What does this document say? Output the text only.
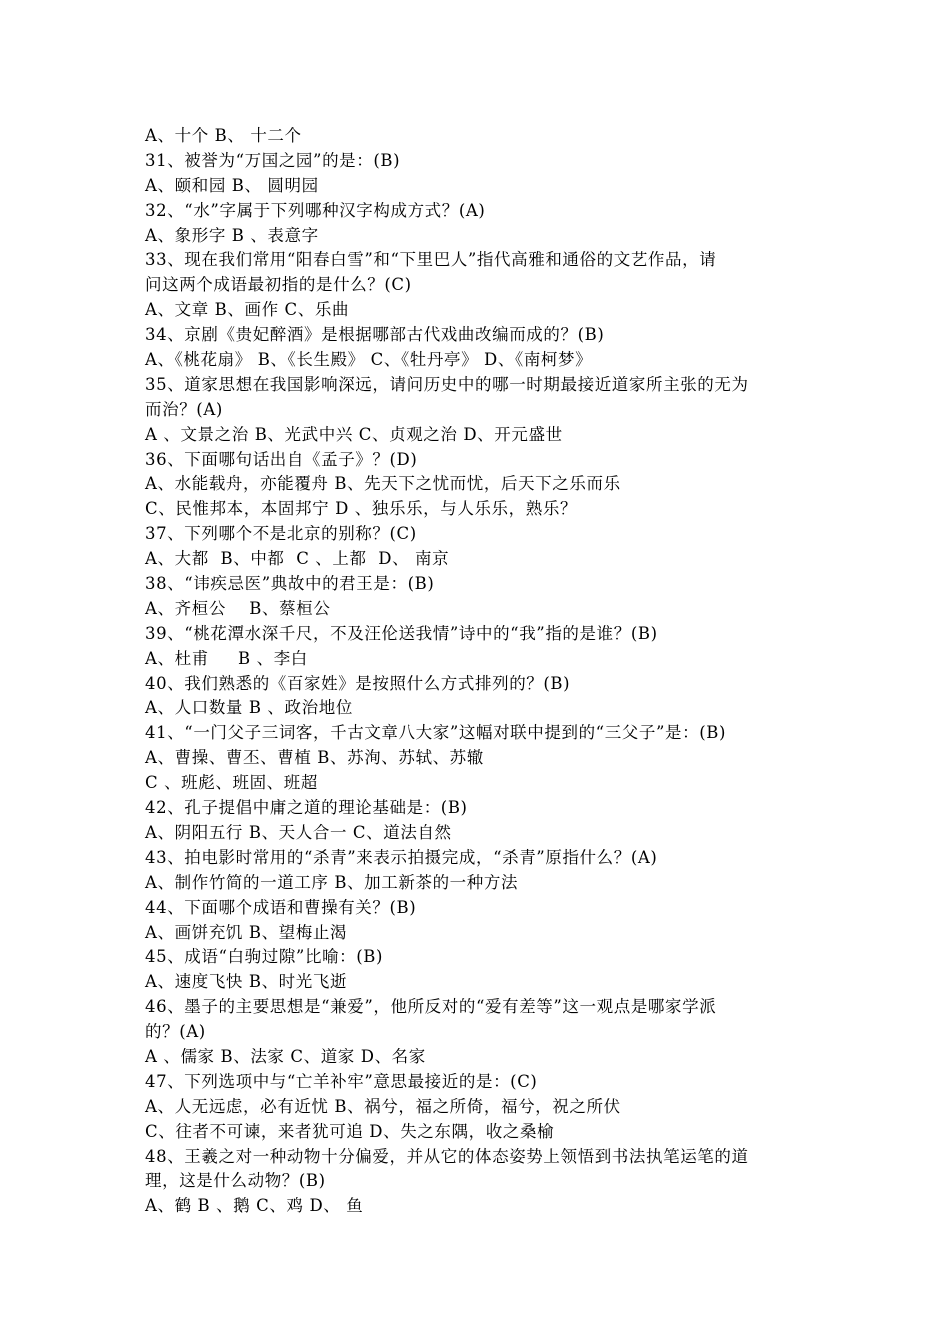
A、十个 B、 十二个
31、被誉为“万国之园”的是：(B)
A、颐和园 B、 圆明园
32、“水”字属于下列哪种汉字构成方式？(A)
A、象形字 B 、表意字
33、现在我们常用“阳春白雪”和“下里巴人”指代高雅和通俗的文艺作品，请
问这两个成语最初指的是什么？(C)
A、文章 B、画作 C、乐曲
34、京剧《贵妃醉酒》是根据哪部古代戏曲改编而成的？(B)
A、《桃花扇》 B、《长生殿》 C、《牡丹亭》 D、《南柯梦》
35、道家思想在我国影响深远，请问历史中的哪一时期最接近道家所主张的无为
而治？(A)
A 、文景之治 B、光武中兴 C、贞观之治 D、开元盛世
36、下面哪句话出自《孟子》？(D)
A、水能载舟，亦能覆舟 B、先天下之忧而忧，后天下之乐而乐
C、民惟邦本，本固邦宁 D 、独乐乐，与人乐乐，熟乐？
37、下列哪个不是北京的别称？(C)
A、大都  B、中都  C 、上都  D、 南京
38、“讳疾忌医”典故中的君王是：(B)
A、齐桓公    B、蔡桓公
39、“桃花潭水深千尺，不及汪伦送我情”诗中的“我”指的是谁？(B)
A、杜甫     B 、李白
40、我们熟悉的《百家姓》是按照什么方式排列的？(B)
A、人口数量 B 、政治地位
41、“一门父子三词客，千古文章八大家”这幅对联中提到的“三父子”是：(B)
A、曹操、曹丕、曹植 B、苏洵、苏轼、苏辙
C 、班彪、班固、班超
42、孔子提倡中庸之道的理论基础是：(B)
A、阴阳五行 B、天人合一 C、道法自然
43、拍电影时常用的“杀青”来表示拍摄完成，“杀青”原指什么？(A)
A、制作竹简的一道工序 B、加工新茶的一种方法
44、下面哪个成语和曹操有关？(B)
A、画饼充饥 B、望梅止渴
45、成语“白驹过隙”比喻：(B)
A、速度飞快 B、时光飞逝
46、墨子的主要思想是“兼爱”，他所反对的“爱有差等”这一观点是哪家学派
的？(A)
A 、儒家 B、法家 C、道家 D、名家
47、下列选项中与“亡羊补牢”意思最接近的是：(C)
A、人无远虑，必有近忧 B、祸兮，福之所倚，福兮，祝之所伏
C、往者不可谏，来者犹可追 D、失之东隅，收之桑榆
48、王羲之对一种动物十分偏爱，并从它的体态姿势上领悟到书法执笔运笔的道
理，这是什么动物？(B)
A、鹤 B 、鹅 C、鸡 D、 鱼
